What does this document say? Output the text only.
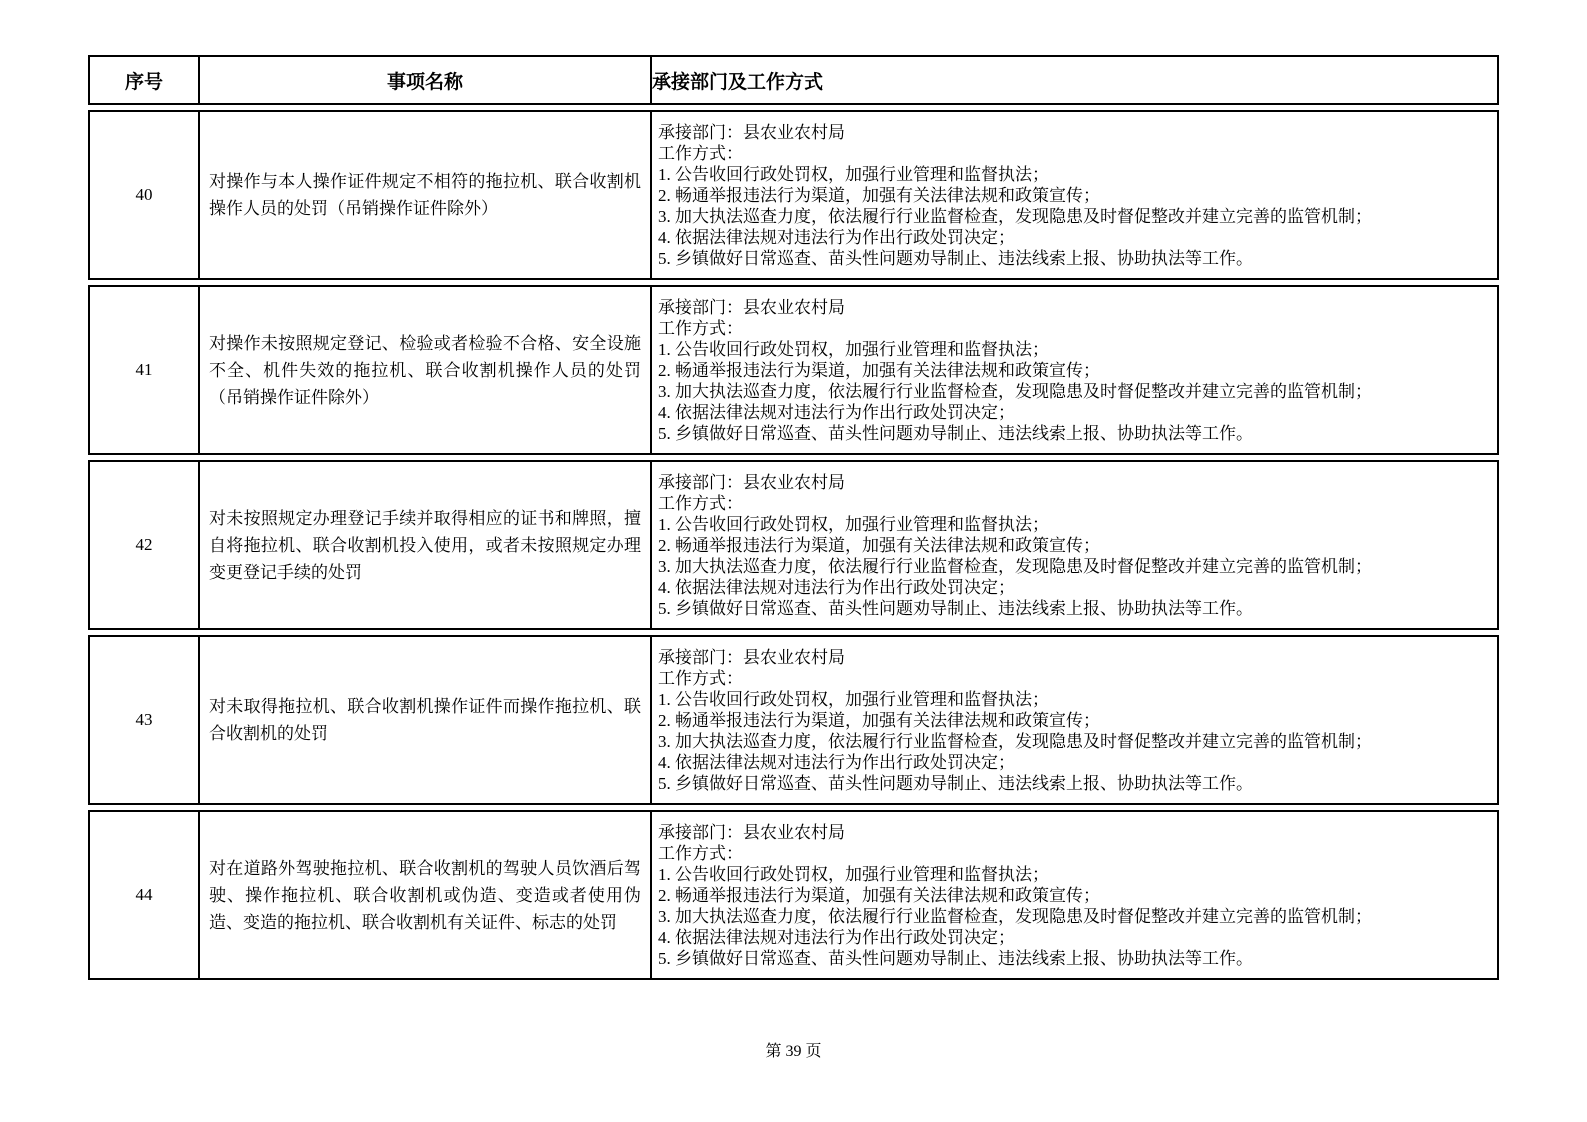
序号	事项名称	承接部门及工作方式
40
对操作与本人操作证件规定不相符的拖拉机、联合收割机操作人员的处罚（吊销操作证件除外）
承接部门：县农业农村局
工作方式：
1. 公告收回行政处罚权，加强行业管理和监督执法；
2. 畅通举报违法行为渠道，加强有关法律法规和政策宣传；
3. 加大执法巡查力度，依法履行行业监督检查，发现隐患及时督促整改并建立完善的监管机制；
4. 依据法律法规对违法行为作出行政处罚决定；
5. 乡镇做好日常巡查、苗头性问题劝导制止、违法线索上报、协助执法等工作。
41
对操作未按照规定登记、检验或者检验不合格、安全设施不全、机件失效的拖拉机、联合收割机操作人员的处罚（吊销操作证件除外）
承接部门：县农业农村局
工作方式：
1. 公告收回行政处罚权，加强行业管理和监督执法；
2. 畅通举报违法行为渠道，加强有关法律法规和政策宣传；
3. 加大执法巡查力度，依法履行行业监督检查，发现隐患及时督促整改并建立完善的监管机制；
4. 依据法律法规对违法行为作出行政处罚决定；
5. 乡镇做好日常巡查、苗头性问题劝导制止、违法线索上报、协助执法等工作。
42
对未按照规定办理登记手续并取得相应的证书和牌照，擅自将拖拉机、联合收割机投入使用，或者未按照规定办理变更登记手续的处罚
承接部门：县农业农村局
工作方式：
1. 公告收回行政处罚权，加强行业管理和监督执法；
2. 畅通举报违法行为渠道，加强有关法律法规和政策宣传；
3. 加大执法巡查力度，依法履行行业监督检查，发现隐患及时督促整改并建立完善的监管机制；
4. 依据法律法规对违法行为作出行政处罚决定；
5. 乡镇做好日常巡查、苗头性问题劝导制止、违法线索上报、协助执法等工作。
43
对未取得拖拉机、联合收割机操作证件而操作拖拉机、联合收割机的处罚
承接部门：县农业农村局
工作方式：
1. 公告收回行政处罚权，加强行业管理和监督执法；
2. 畅通举报违法行为渠道，加强有关法律法规和政策宣传；
3. 加大执法巡查力度，依法履行行业监督检查，发现隐患及时督促整改并建立完善的监管机制；
4. 依据法律法规对违法行为作出行政处罚决定；
5. 乡镇做好日常巡查、苗头性问题劝导制止、违法线索上报、协助执法等工作。
44
对在道路外驾驶拖拉机、联合收割机的驾驶人员饮酒后驾驶、操作拖拉机、联合收割机或伪造、变造或者使用伪造、变造的拖拉机、联合收割机有关证件、标志的处罚
承接部门：县农业农村局
工作方式：
1. 公告收回行政处罚权，加强行业管理和监督执法；
2. 畅通举报违法行为渠道，加强有关法律法规和政策宣传；
3. 加大执法巡查力度，依法履行行业监督检查，发现隐患及时督促整改并建立完善的监管机制；
4. 依据法律法规对违法行为作出行政处罚决定；
5. 乡镇做好日常巡查、苗头性问题劝导制止、违法线索上报、协助执法等工作。
第 39 页
